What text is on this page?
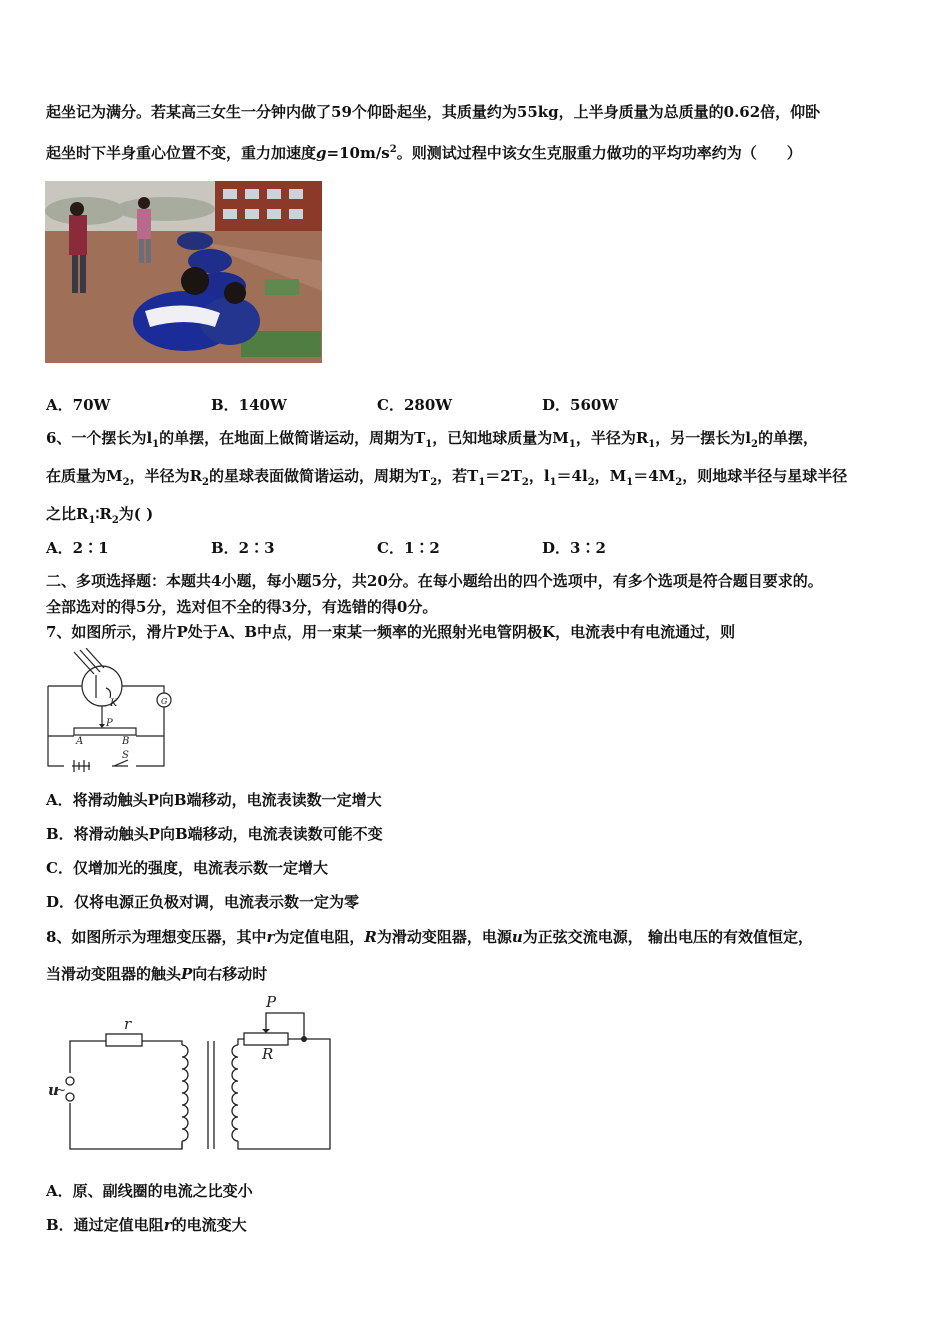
起坐记为满分。若某高三女生一分钟内做了59个仰卧起坐，其质量约为55kg，上半身质量为总质量的0.62倍，仰卧
起坐时下半身重心位置不变，重力加速度$g=10m/s^2$。则测试过程中该女生克服重力做功的平均功率约为（　　）
A．70W	B．140W	C．280W	D．560W
6、一个摆长为$l_1$的单摆，在地面上做简谐运动，周期为$T_1$，已知地球质量为$M_1$，半径为$R_1$，另一摆长为$l_2$的单摆，
在质量为$M_2$，半径为$R_2$的星球表面做简谐运动，周期为$T_2$，若$T_1=2T_2$，$l_1=4l_2$，$M_1=4M_2$，则地球半径与星球半径
之比$R_1∶R_2$为( )
A．2∶1	B．2∶3	C．1∶2	D．3∶2
二、多项选择题：本题共4小题，每小题5分，共20分。在每小题给出的四个选项中，有多个选项是符合题目要求的。
全部选对的得5分，选对但不全的得3分，有选错的得0分。
7、如图所示，滑片P处于A、B中点，用一束某一频率的光照射光电管阴极K，电流表中有电流通过，则
K	G
P
A	B
S
A．将滑动触头P向B端移动，电流表读数一定增大
B．将滑动触头P向B端移动，电流表读数可能不变
C．仅增加光的强度，电流表示数一定增大
D．仅将电源正负极对调，电流表示数一定为零
8、如图所示为理想变压器，其中r为定值电阻，R为滑动变阻器，电源u为正弦交流电源， 输出电压的有效值恒定，
当滑动变阻器的触头P向右移动时
r
P
R
u
~
A．原、副线圈的电流之比变小
B．通过定值电阻r的电流变大
